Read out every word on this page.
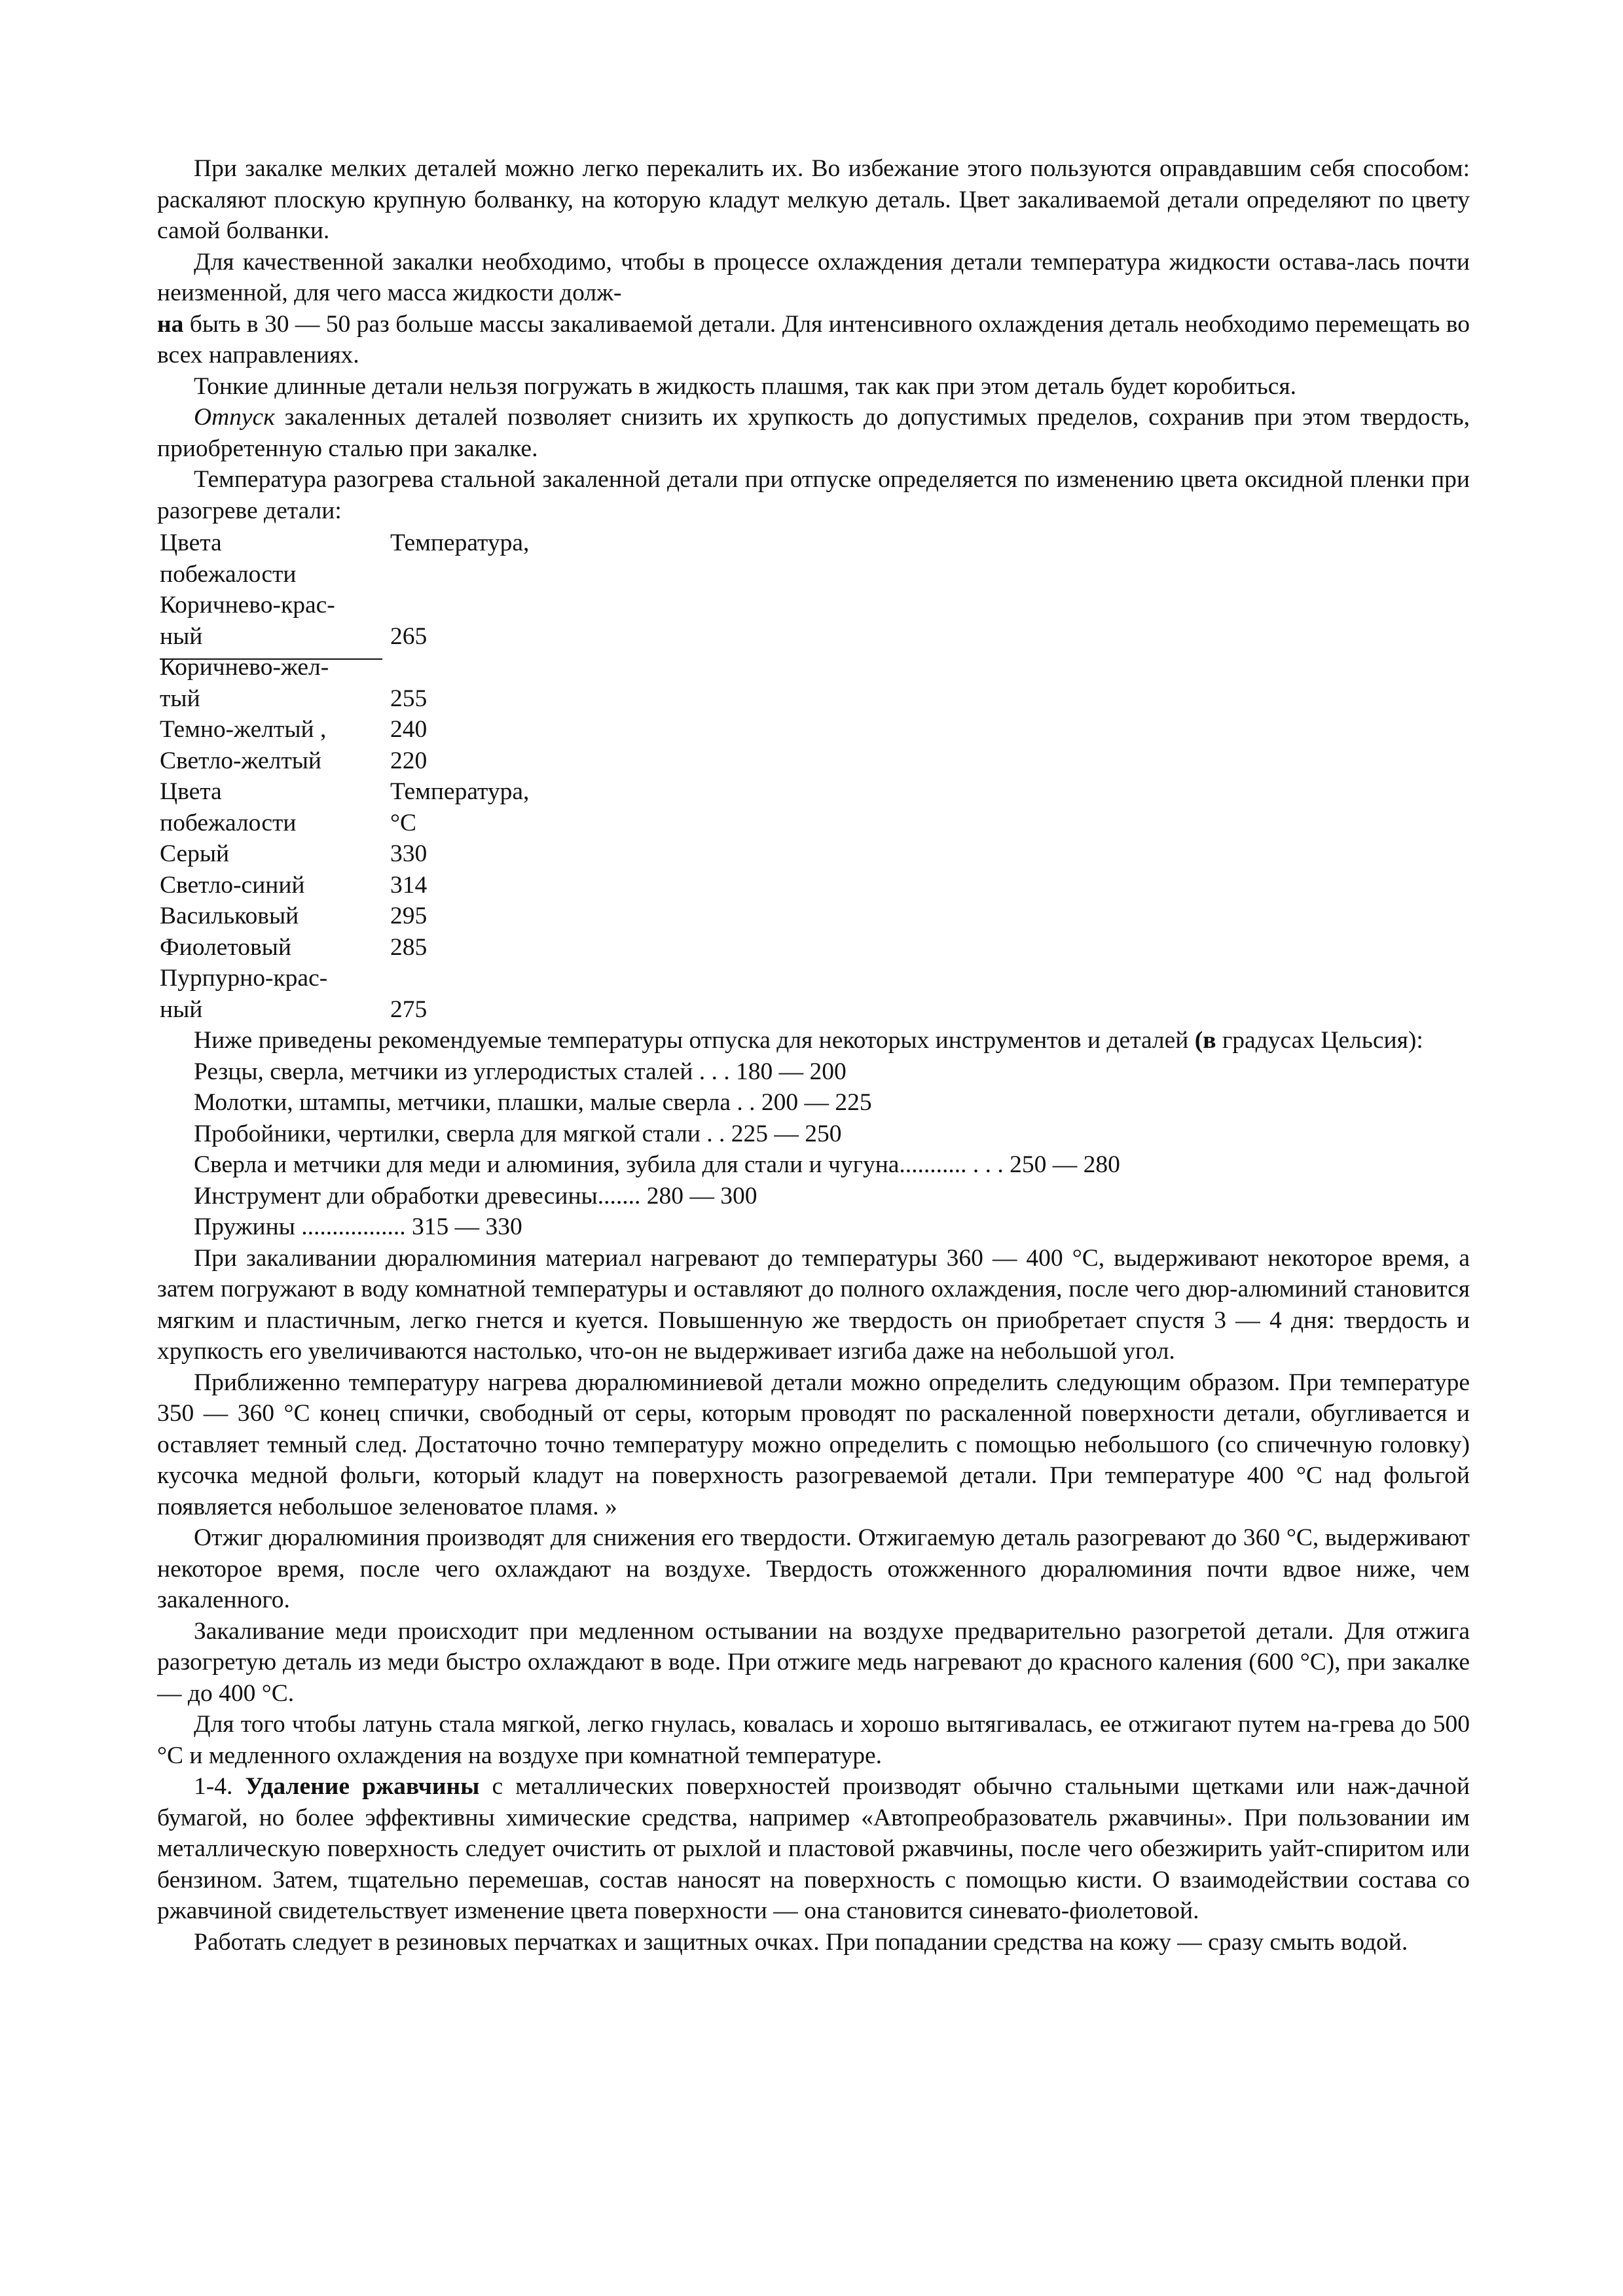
При закалке мелких деталей можно легко перекалить их. Во избежание этого пользуются оправдавшим себя способом: раскаляют плоскую крупную болванку, на которую кладут мелкую деталь. Цвет закаливаемой детали определяют по цвету самой болванки.

Для качественной закалки необходимо, чтобы в процессе охлаждения детали температура жидкости остава-лась почти неизменной, для чего масса жидкости долж-

на быть в 30 — 50 раз больше массы закаливаемой детали. Для интенсивного охлаждения деталь необходимо перемещать во всех направлениях.

Тонкие длинные детали нельзя погружать в жидкость плашмя, так как при этом деталь будет коробиться.

Отпуск закаленных деталей позволяет снизить их хрупкость до допустимых пределов, сохранив при этом твердость, приобретенную сталью при закалке.

Температура разогрева стальной закаленной детали при отпуске определяется по изменению цвета оксидной пленки при разогреве детали:

Цвета	Температура,
побежалости
Коричнево-крас-
ный	265
Коричнево-жел-
тый	255
Темно-желтый ,	240
Светло-желтый	220
Цвета	Температура,
побежалости	°С
Серый	330
Светло-синий	314
Васильковый	295
Фиолетовый	285
Пурпурно-крас-
ный	275

Ниже приведены рекомендуемые температуры отпуска для некоторых инструментов и деталей (в градусах Цельсия):

Резцы, сверла, метчики из углеродистых сталей . . . 180 — 200

Молотки, штампы, метчики, плашки, малые сверла . . 200 — 225

Пробойники, чертилки, сверла для мягкой стали . . 225 — 250

Сверла и метчики для меди и алюминия, зубила для стали и чугуна........... . . . 250 — 280

Инструмент дли обработки древесины....... 280 — 300

Пружины ................. 315 — 330

При закаливании дюралюминия материал нагревают до температуры 360 — 400 °С, выдерживают некоторое время, а затем погружают в воду комнатной температуры и оставляют до полного охлаждения, после чего дюр-алюминий становится мягким и пластичным, легко гнется и куется. Повышенную же твердость он приобретает спустя 3 — 4 дня: твердость и хрупкость его увеличиваются настолько, что-он не выдерживает изгиба даже на небольшой угол.

Приближенно температуру нагрева дюралюминиевой детали можно определить следующим образом. При температуре 350 — 360 °С конец спички, свободный от серы, которым проводят по раскаленной поверхности детали, обугливается и оставляет темный след. Достаточно точно температуру можно определить с помощью небольшого (со спичечную головку) кусочка медной фольги, который кладут на поверхность разогреваемой детали. При температуре 400 °С над фольгой появляется небольшое зеленоватое пламя. »

Отжиг дюралюминия производят для снижения его твердости. Отжигаемую деталь разогревают до 360 °С, выдерживают некоторое время, после чего охлаждают на воздухе. Твердость отожженного дюралюминия почти вдвое ниже, чем закаленного.

Закаливание меди происходит при медленном остывании на воздухе предварительно разогретой детали. Для отжига разогретую деталь из меди быстро охлаждают в воде. При отжиге медь нагревают до красного каления (600 °С), при закалке — до 400 °С.

Для того чтобы латунь стала мягкой, легко гнулась, ковалась и хорошо вытягивалась, ее отжигают путем на-грева до 500 °С и медленного охлаждения на воздухе при комнатной температуре.

1-4. Удаление ржавчины с металлических поверхностей производят обычно стальными щетками или наж-дачной бумагой, но более эффективны химические средства, например «Автопреобразователь ржавчины». При пользовании им металлическую поверхность следует очистить от рыхлой и пластовой ржавчины, после чего обезжирить уайт-спиритом или бензином. Затем, тщательно перемешав, состав наносят на поверхность с помощью кисти. О взаимодействии состава со ржавчиной свидетельствует изменение цвета поверхности — она становится синевато-фиолетовой.

Работать следует в резиновых перчатках и защитных очках. При попадании средства на кожу — сразу смыть водой.
